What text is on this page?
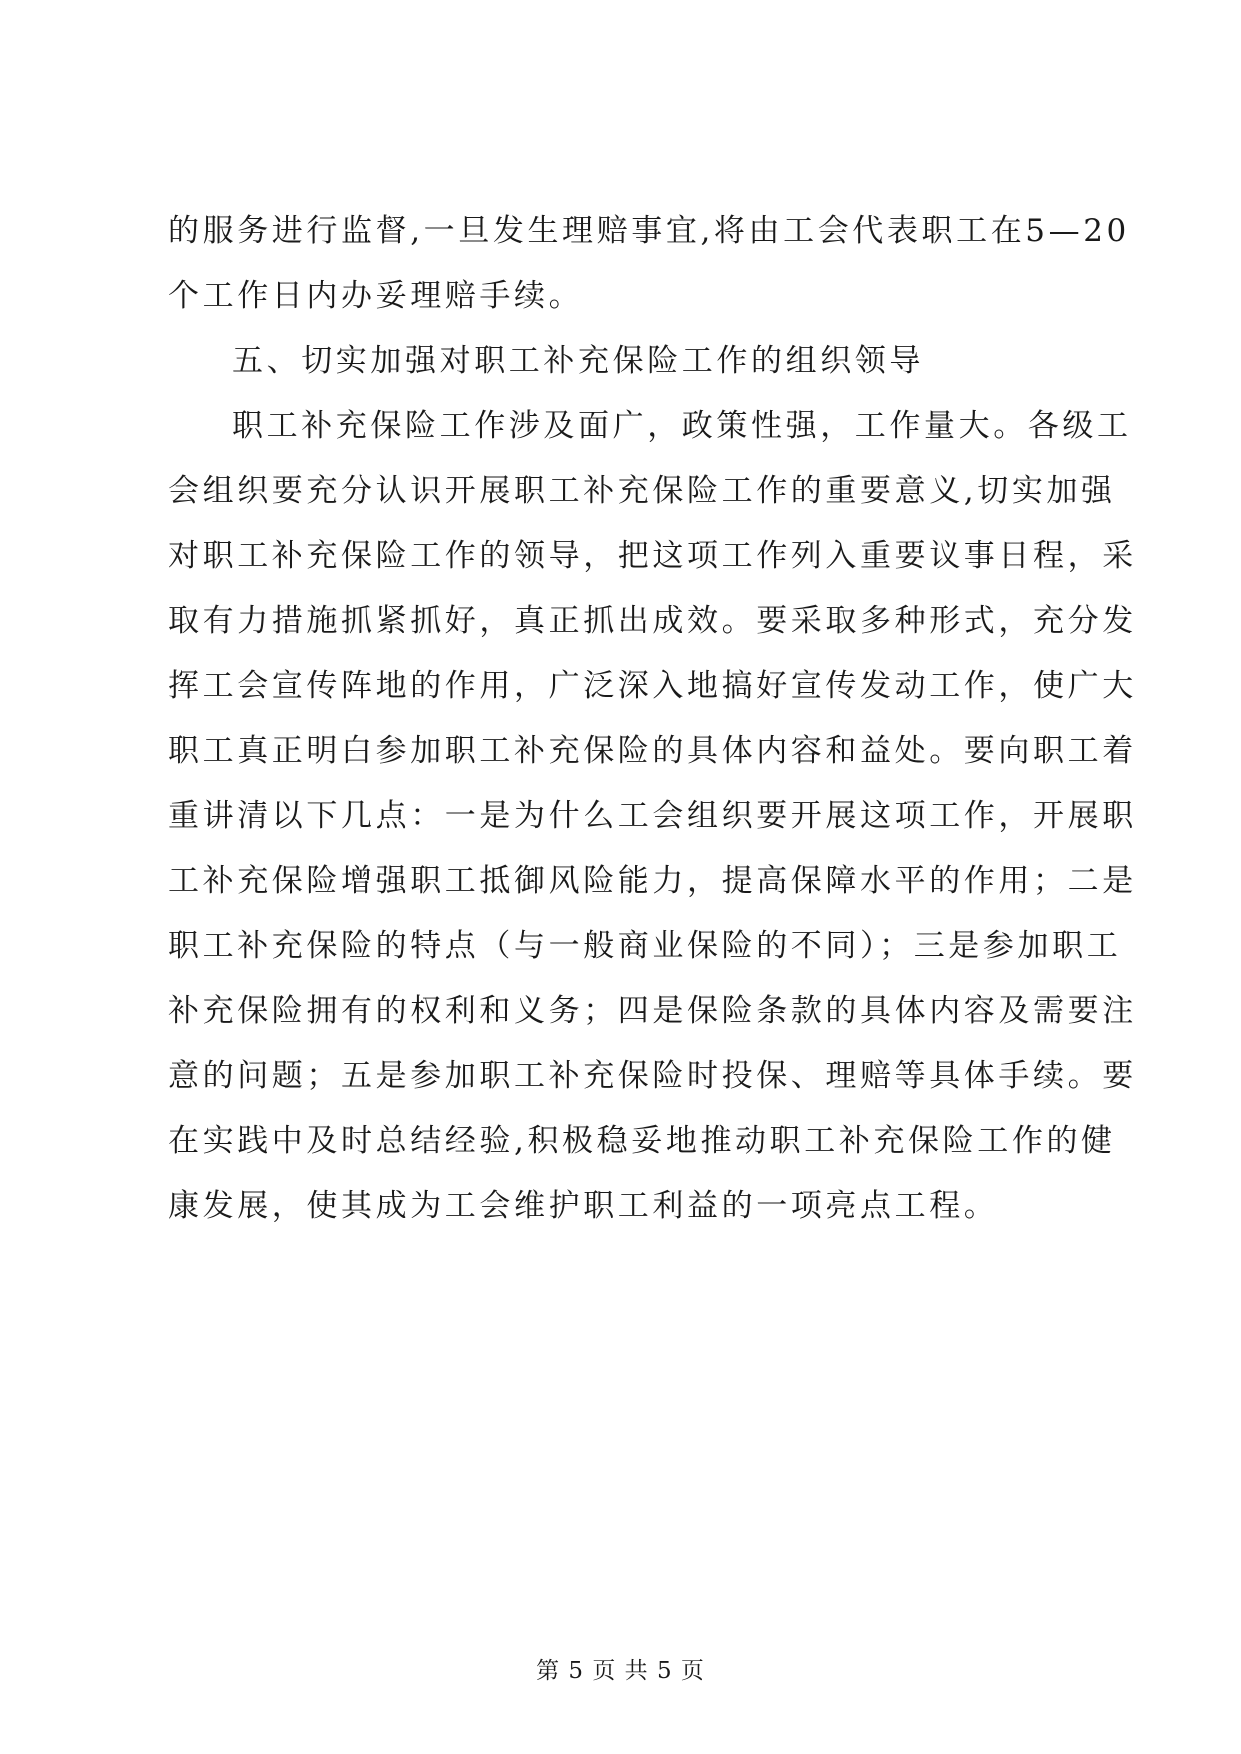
的服务进行监督,一旦发生理赔事宜,将由工会代表职工在5—20
个工作日内办妥理赔手续。
五、切实加强对职工补充保险工作的组织领导
职工补充保险工作涉及面广，政策性强，工作量大。各级工
会组织要充分认识开展职工补充保险工作的重要意义,切实加强
对职工补充保险工作的领导，把这项工作列入重要议事日程，采
取有力措施抓紧抓好，真正抓出成效。要采取多种形式，充分发
挥工会宣传阵地的作用，广泛深入地搞好宣传发动工作，使广大
职工真正明白参加职工补充保险的具体内容和益处。要向职工着
重讲清以下几点：一是为什么工会组织要开展这项工作，开展职
工补充保险增强职工抵御风险能力，提高保障水平的作用；二是
职工补充保险的特点（与一般商业保险的不同）；三是参加职工
补充保险拥有的权利和义务；四是保险条款的具体内容及需要注
意的问题；五是参加职工补充保险时投保、理赔等具体手续。要
在实践中及时总结经验,积极稳妥地推动职工补充保险工作的健
康发展，使其成为工会维护职工利益的一项亮点工程。
第 5 页 共 5 页
